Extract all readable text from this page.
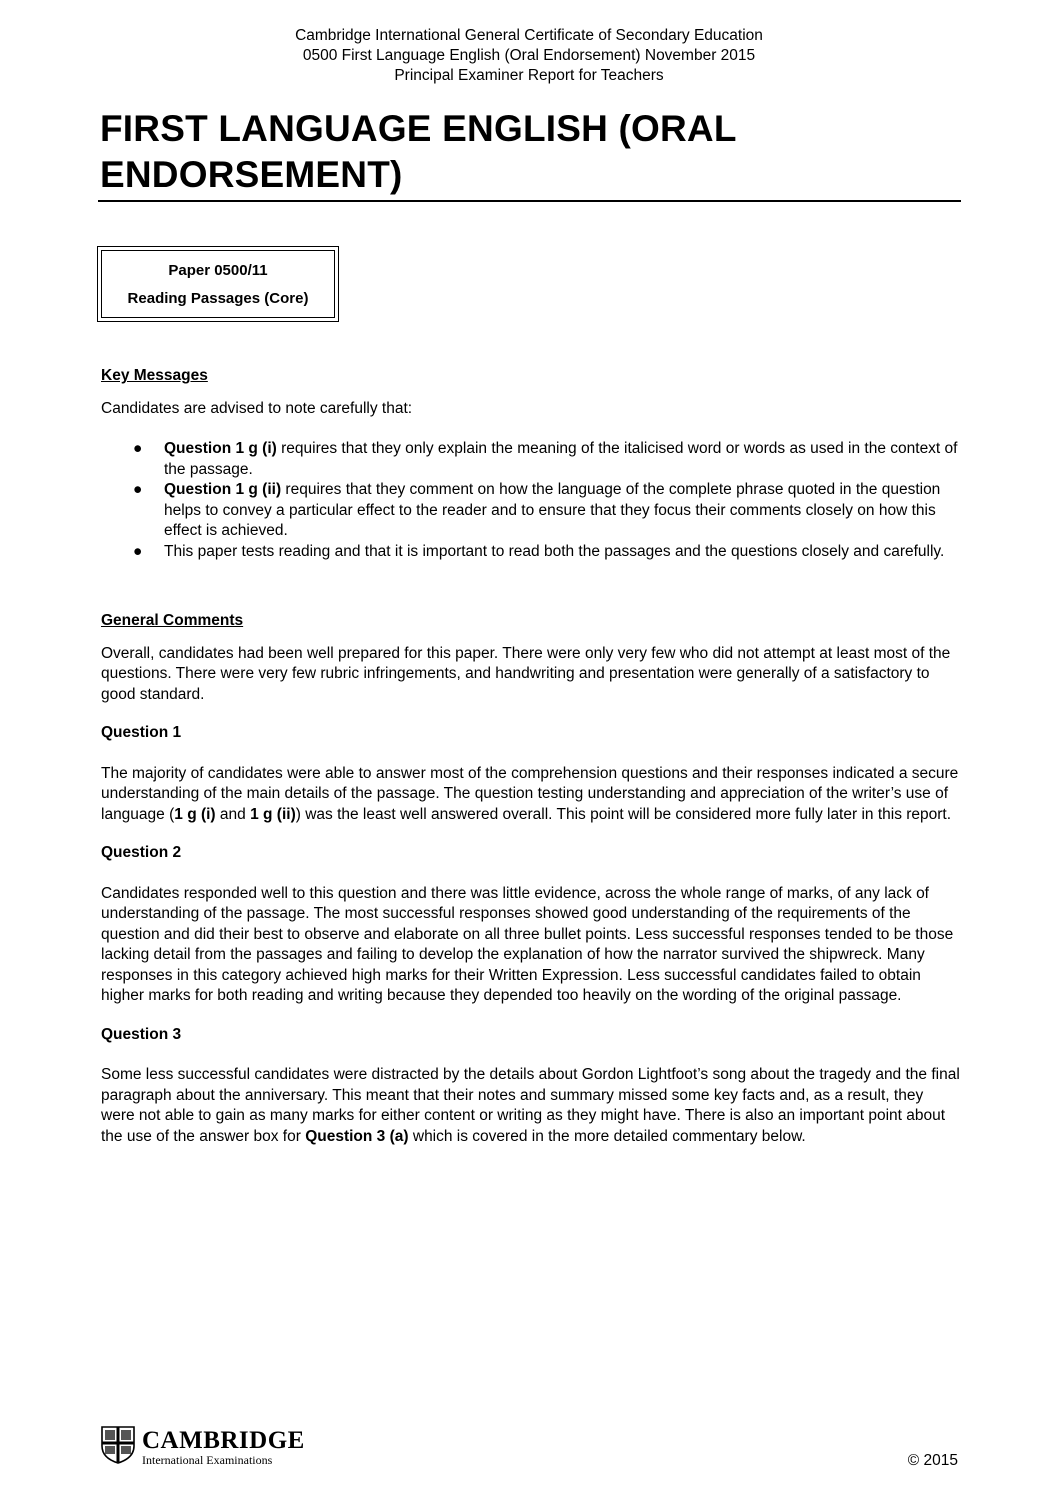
Cambridge International General Certificate of Secondary Education
0500 First Language English (Oral Endorsement) November 2015
Principal Examiner Report for Teachers
FIRST LANGUAGE ENGLISH (ORAL
ENDORSEMENT)
Paper 0500/11
Reading Passages (Core)

Key Messages

Candidates are advised to note carefully that:

● Question 1 g (i) requires that they only explain the meaning of the italicised word or words as used in the context of the passage.
● Question 1 g (ii) requires that they comment on how the language of the complete phrase quoted in the question helps to convey a particular effect to the reader and to ensure that they focus their comments closely on how this effect is achieved.
● This paper tests reading and that it is important to read both the passages and the questions closely and carefully.

General Comments

Overall, candidates had been well prepared for this paper. There were only very few who did not attempt at least most of the questions. There were very few rubric infringements, and handwriting and presentation were generally of a satisfactory to good standard.

Question 1

The majority of candidates were able to answer most of the comprehension questions and their responses indicated a secure understanding of the main details of the passage. The question testing understanding and appreciation of the writer’s use of language (1 g (i) and 1 g (ii)) was the least well answered overall. This point will be considered more fully later in this report.

Question 2

Candidates responded well to this question and there was little evidence, across the whole range of marks, of any lack of understanding of the passage. The most successful responses showed good understanding of the requirements of the question and did their best to observe and elaborate on all three bullet points. Less successful responses tended to be those lacking detail from the passages and failing to develop the explanation of how the narrator survived the shipwreck. Many responses in this category achieved high marks for their Written Expression. Less successful candidates failed to obtain higher marks for both reading and writing because they depended too heavily on the wording of the original passage.

Question 3

Some less successful candidates were distracted by the details about Gordon Lightfoot’s song about the tragedy and the final paragraph about the anniversary. This meant that their notes and summary missed some key facts and, as a result, they were not able to gain as many marks for either content or writing as they might have. There is also an important point about the use of the answer box for Question 3 (a) which is covered in the more detailed commentary below.

CAMBRIDGE
International Examinations	© 2015
